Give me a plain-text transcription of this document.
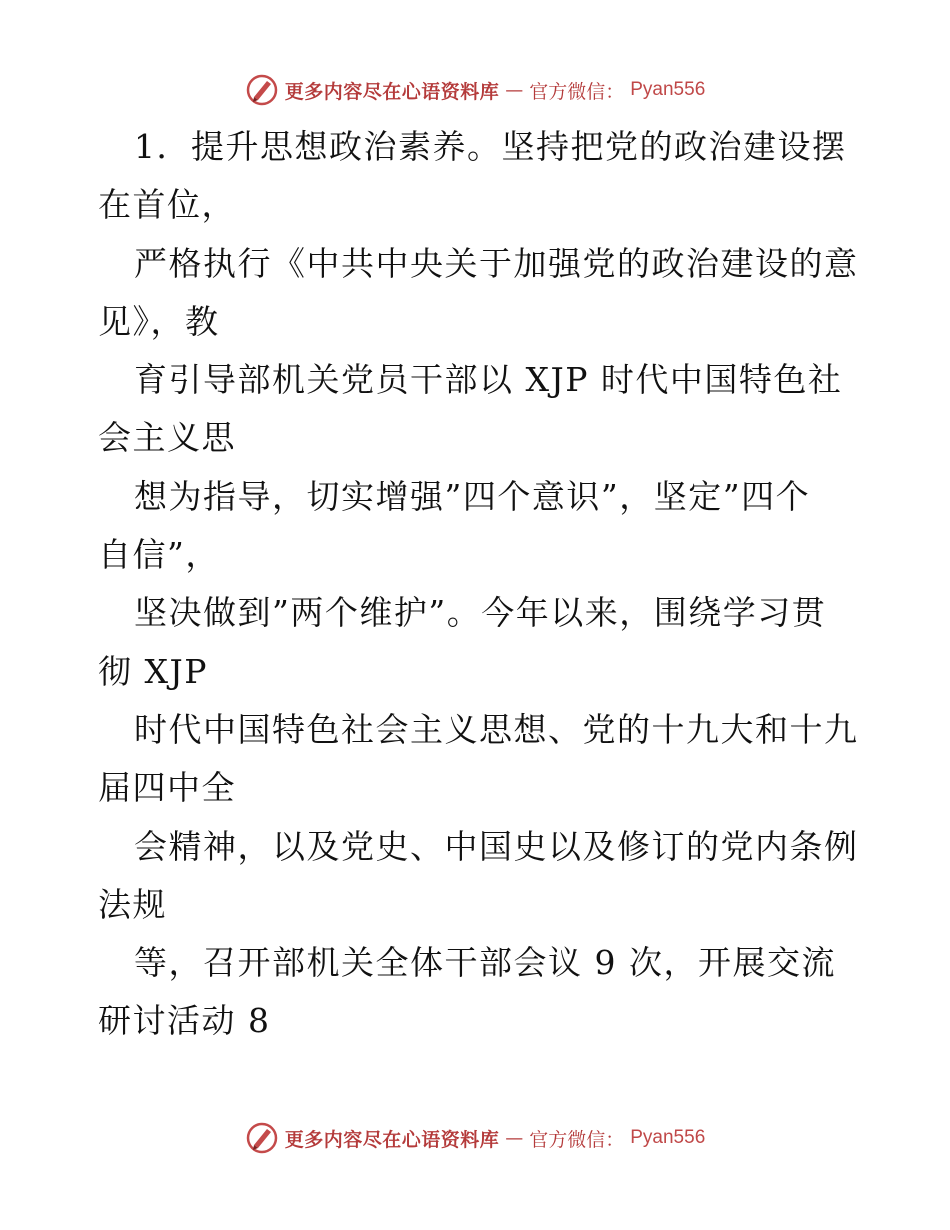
更多内容尽在心语资料库 — 官方微信： Pyan556
1．提升思想政治素养。坚持把党的政治建设摆
在首位，
严格执行《中共中央关于加强党的政治建设的意
见》，教
育引导部机关党员干部以 XJP 时代中国特色社
会主义思
想为指导，切实增强”四个意识”，坚定”四个
自信”，
坚决做到”两个维护”。今年以来，围绕学习贯
彻 XJP
时代中国特色社会主义思想、党的十九大和十九
届四中全
会精神，以及党史、中国史以及修订的党内条例
法规
等，召开部机关全体干部会议 9 次，开展交流
研讨活动 8
更多内容尽在心语资料库 — 官方微信： Pyan556
